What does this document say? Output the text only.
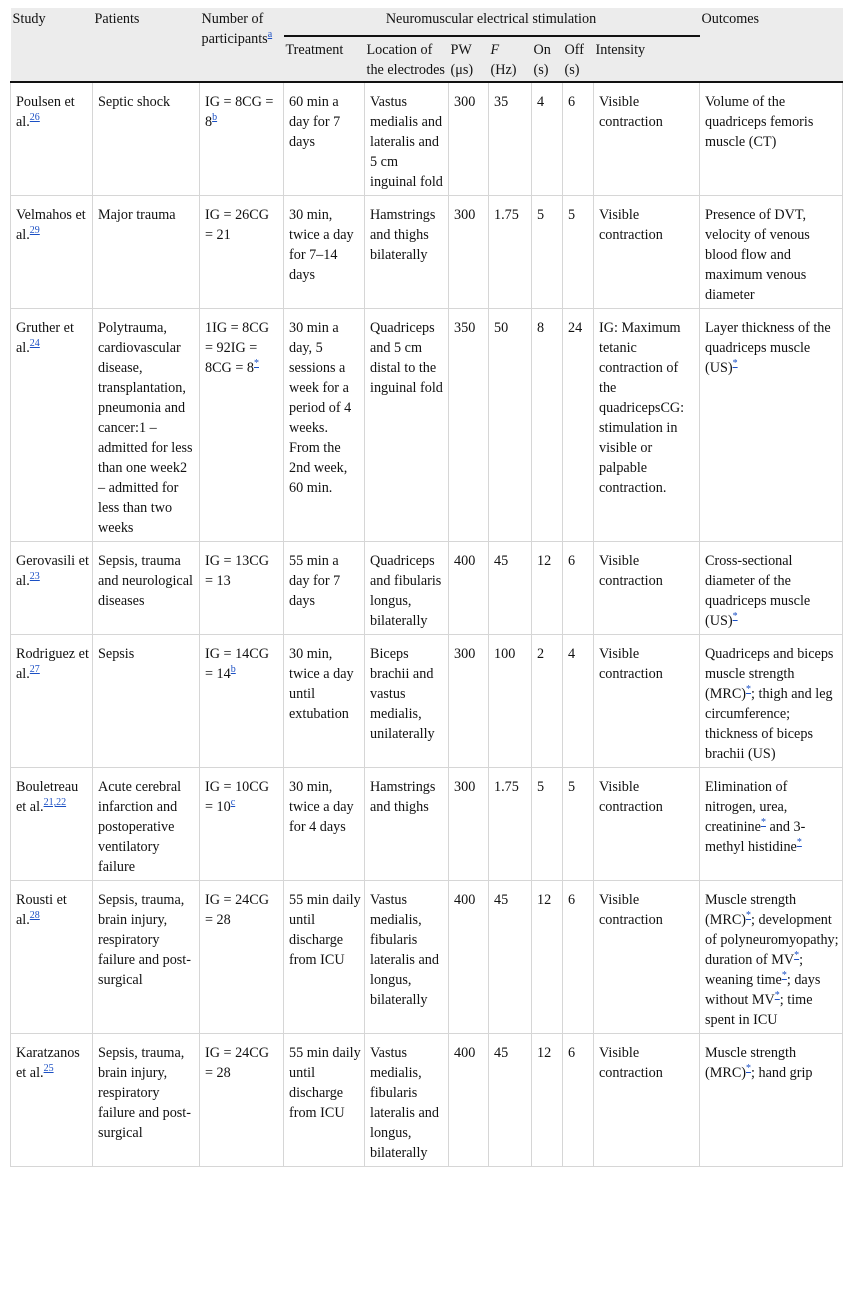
Study	Patients	Number of participants$^a$	Neuromuscular electrical stimulation							Outcomes
			Treatment	Location of the electrodes	PW (μs)	F (Hz)	On (s)	Off (s)	Intensity	
Poulsen et al.$^{26}$	Septic shock	IG = $8CG = 8^b$	60 min a day for 7 days	Vastus medialis and lateralis and 5 cm inguinal fold	300	35	4	6	Visible contraction	Volume of the quadriceps femoris muscle (CT)
Velmahos et al.$^{29}$	Major trauma	IG = 26CG = 21	30 min, twice a day for 7–14 days	Hamstrings and thighs bilaterally	300	1.75	5	5	Visible contraction	Presence of DVT, velocity of venous blood flow and maximum venous diameter
Gruther et al.$^{24}$	Polytrauma, cardiovascular disease, transplantation, pneumonia and cancer:1 – admitted for less than one week2 – admitted for less than two weeks	1IG = 8CG = 92IG = 8CG = 8*	30 min a day, 5 sessions a week for a period of 4 weeks. From the 2nd week, 60 min.	Quadriceps and 5 cm distal to the inguinal fold	350	50	8	24	IG: Maximum tetanic contraction of the quadricepsCG: stimulation in visible or palpable contraction.	Layer thickness of the quadriceps muscle (US)*
Gerovasili et al.$^{23}$	Sepsis, trauma and neurological diseases	IG = 13CG = 13	55 min a day for 7 days	Quadriceps and fibularis longus, bilaterally	400	45	12	6	Visible contraction	Cross-sectional diameter of the quadriceps muscle (US)*
Rodriguez et al.$^{27}$	Sepsis	IG = $14CG = 14^b$	30 min, twice a day until extubation	Biceps brachii and vastus medialis, unilaterally	300	100	2	4	Visible contraction	Quadriceps and biceps muscle strength (MRC)*; thigh and leg circumference; thickness of biceps brachii (US)
Bouletreau et al.$^{21,22}$	Acute cerebral infarction and postoperative ventilatory failure	IG = $10CG = 10^c$	30 min, twice a day for 4 days	Hamstrings and thighs	300	1.75	5	5	Visible contraction	Elimination of nitrogen, urea, creatinine* and 3-methyl histidine*
Rousti et al.$^{28}$	Sepsis, trauma, brain injury, respiratory failure and post-surgical	IG = 24CG = 28	55 min daily until discharge from ICU	Vastus medialis, fibularis lateralis and longus, bilaterally	400	45	12	6	Visible contraction	Muscle strength (MRC)*; development of polyneuromyopathy; duration of MV*; weaning time*; days without MV*; time spent in ICU
Karatzanos et al.$^{25}$	Sepsis, trauma, brain injury, respiratory failure and post-surgical	IG = 24CG = 28	55 min daily until discharge from ICU	Vastus medialis, fibularis lateralis and longus, bilaterally	400	45	12	6	Visible contraction	Muscle strength (MRC)*; hand grip
